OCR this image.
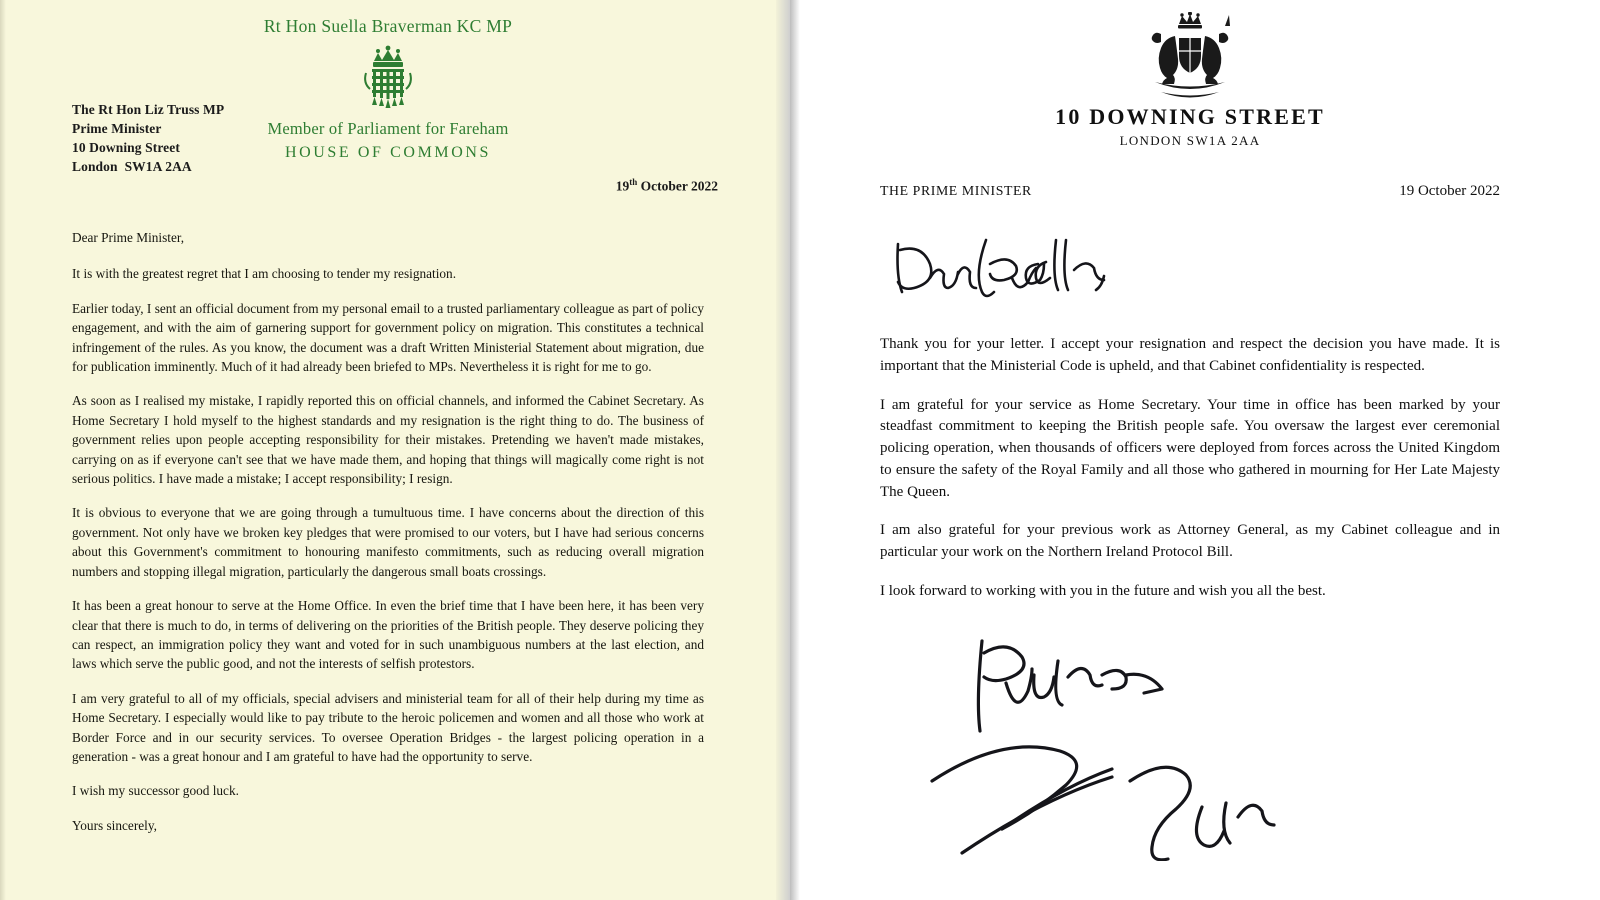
Rt Hon Suella Braverman KC MP
Member of Parliament for Fareham
HOUSE OF COMMONS
The Rt Hon Liz Truss MP
Prime Minister
10 Downing Street
London  SW1A 2AA
19th October 2022

Dear Prime Minister,

It is with the greatest regret that I am choosing to tender my resignation.

Earlier today, I sent an official document from my personal email to a trusted parliamentary colleague as part of policy engagement, and with the aim of garnering support for government policy on migration. This constitutes a technical infringement of the rules. As you know, the document was a draft Written Ministerial Statement about migration, due for publication imminently. Much of it had already been briefed to MPs. Nevertheless it is right for me to go.

As soon as I realised my mistake, I rapidly reported this on official channels, and informed the Cabinet Secretary. As Home Secretary I hold myself to the highest standards and my resignation is the right thing to do. The business of government relies upon people accepting responsibility for their mistakes. Pretending we haven't made mistakes, carrying on as if everyone can't see that we have made them, and hoping that things will magically come right is not serious politics. I have made a mistake; I accept responsibility; I resign.

It is obvious to everyone that we are going through a tumultuous time. I have concerns about the direction of this government. Not only have we broken key pledges that were promised to our voters, but I have had serious concerns about this Government's commitment to honouring manifesto commitments, such as reducing overall migration numbers and stopping illegal migration, particularly the dangerous small boats crossings.

It has been a great honour to serve at the Home Office. In even the brief time that I have been here, it has been very clear that there is much to do, in terms of delivering on the priorities of the British people. They deserve policing they can respect, an immigration policy they want and voted for in such unambiguous numbers at the last election, and laws which serve the public good, and not the interests of selfish protestors.

I am very grateful to all of my officials, special advisers and ministerial team for all of their help during my time as Home Secretary. I especially would like to pay tribute to the heroic policemen and women and all those who work at Border Force and in our security services. To oversee Operation Bridges - the largest policing operation in a generation - was a great honour and I am grateful to have had the opportunity to serve.

I wish my successor good luck.

Yours sincerely,

10 DOWNING STREET
LONDON SW1A 2AA
THE PRIME MINISTER	19 October 2022

Thank you for your letter. I accept your resignation and respect the decision you have made. It is important that the Ministerial Code is upheld, and that Cabinet confidentiality is respected.

I am grateful for your service as Home Secretary. Your time in office has been marked by your steadfast commitment to keeping the British people safe. You oversaw the largest ever ceremonial policing operation, when thousands of officers were deployed from forces across the United Kingdom to ensure the safety of the Royal Family and all those who gathered in mourning for Her Late Majesty The Queen.

I am also grateful for your previous work as Attorney General, as my Cabinet colleague and in particular your work on the Northern Ireland Protocol Bill.

I look forward to working with you in the future and wish you all the best.
